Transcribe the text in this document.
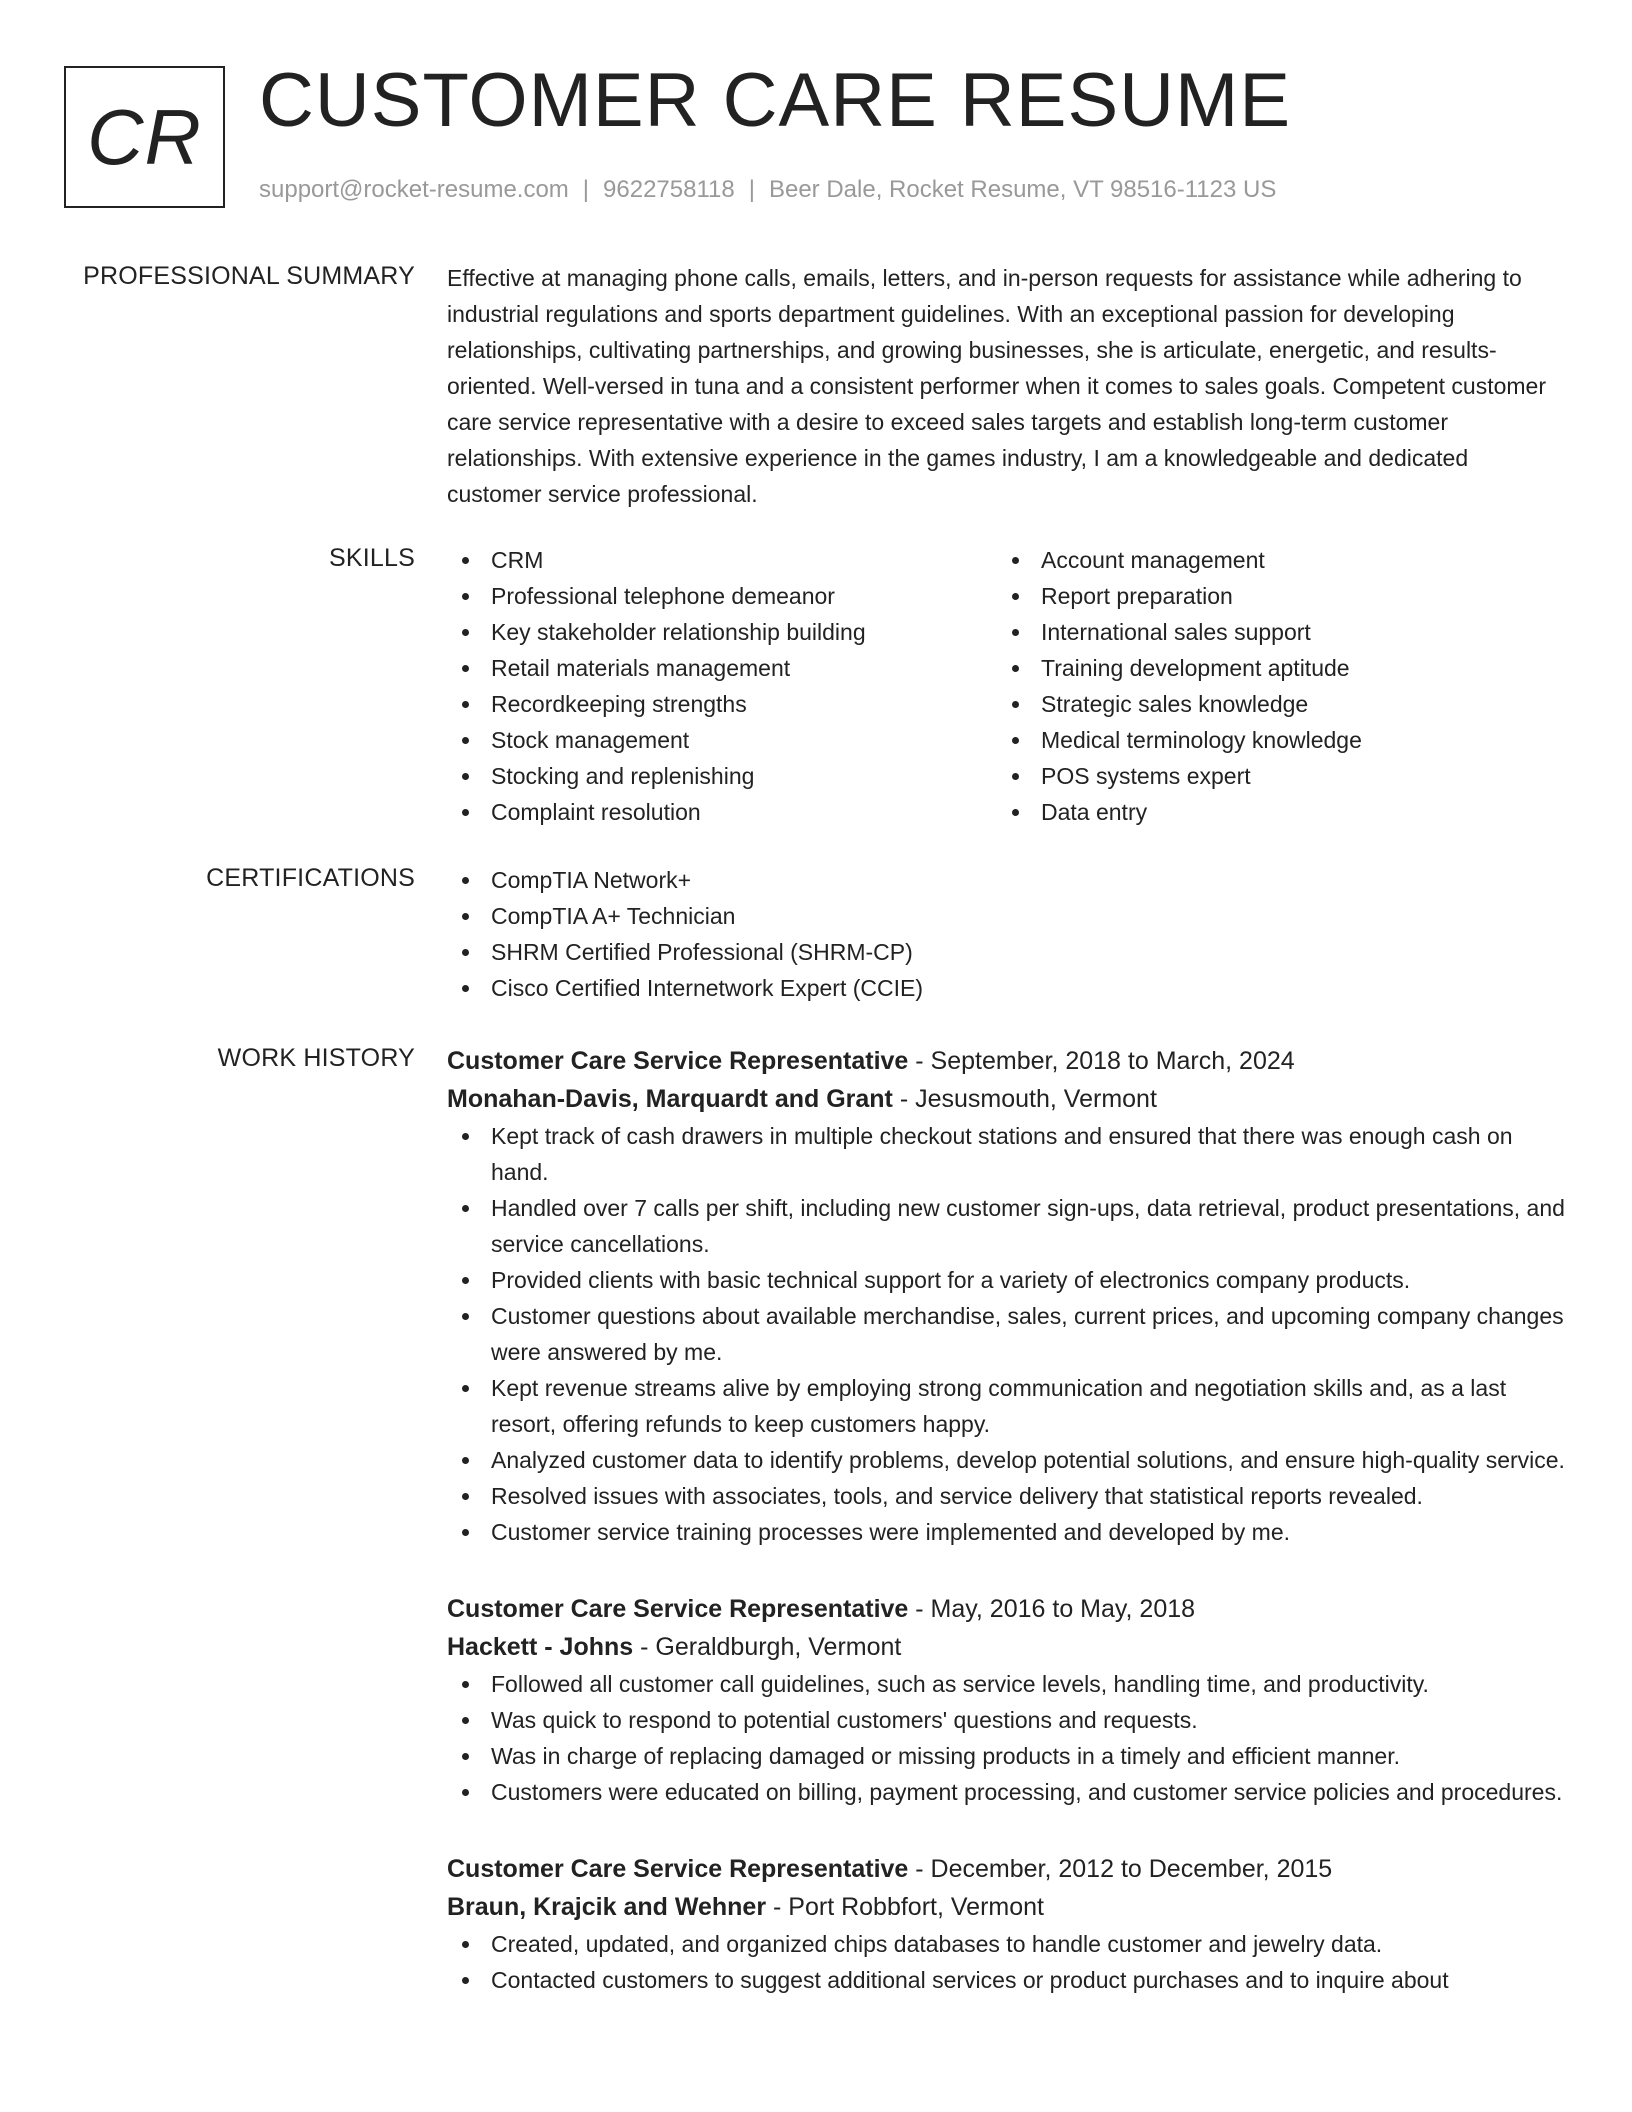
CR CUSTOMER CARE RESUME
support@rocket-resume.com | 9622758118 | Beer Dale, Rocket Resume, VT 98516-1123 US
PROFESSIONAL SUMMARY Effective at managing phone calls, emails, letters, and in-person requests for assistance while adhering to industrial regulations and sports department guidelines. With an exceptional passion for developing relationships, cultivating partnerships, and growing businesses, she is articulate, energetic, and results-oriented. Well-versed in tuna and a consistent performer when it comes to sales goals. Competent customer care service representative with a desire to exceed sales targets and establish long-term customer relationships. With extensive experience in the games industry, I am a knowledgeable and dedicated customer service professional.

SKILLS	CRM
Professional telephone demeanor
Key stakeholder relationship building
Retail materials management
Recordkeeping strengths
Stock management
Stocking and replenishing
Complaint resolution
Account management
Report preparation
International sales support
Training development aptitude
Strategic sales knowledge
Medical terminology knowledge
POS systems expert
Data entry
CERTIFICATIONS	CompTIA Network+
CompTIA A+ Technician
SHRM Certified Professional (SHRM-CP)
Cisco Certified Internetwork Expert (CCIE)
WORK HISTORY Customer Care Service Representative - September, 2018 to March, 2024
Monahan-Davis, Marquardt and Grant - Jesusmouth, Vermont
Kept track of cash drawers in multiple checkout stations and ensured that there was enough cash on hand.
Handled over 7 calls per shift, including new customer sign-ups, data retrieval, product presentations, and service cancellations.
Provided clients with basic technical support for a variety of electronics company products.
Customer questions about available merchandise, sales, current prices, and upcoming company changes were answered by me.
Kept revenue streams alive by employing strong communication and negotiation skills and, as a last resort, offering refunds to keep customers happy.
Analyzed customer data to identify problems, develop potential solutions, and ensure high-quality service.
Resolved issues with associates, tools, and service delivery that statistical reports revealed.
Customer service training processes were implemented and developed by me.
Customer Care Service Representative - May, 2016 to May, 2018
Hackett - Johns - Geraldburgh, Vermont
Followed all customer call guidelines, such as service levels, handling time, and productivity.
Was quick to respond to potential customers' questions and requests.
Was in charge of replacing damaged or missing products in a timely and efficient manner.
Customers were educated on billing, payment processing, and customer service policies and procedures.
Customer Care Service Representative - December, 2012 to December, 2015
Braun, Krajcik and Wehner - Port Robbfort, Vermont
Created, updated, and organized chips databases to handle customer and jewelry data.
Contacted customers to suggest additional services or product purchases and to inquire about
